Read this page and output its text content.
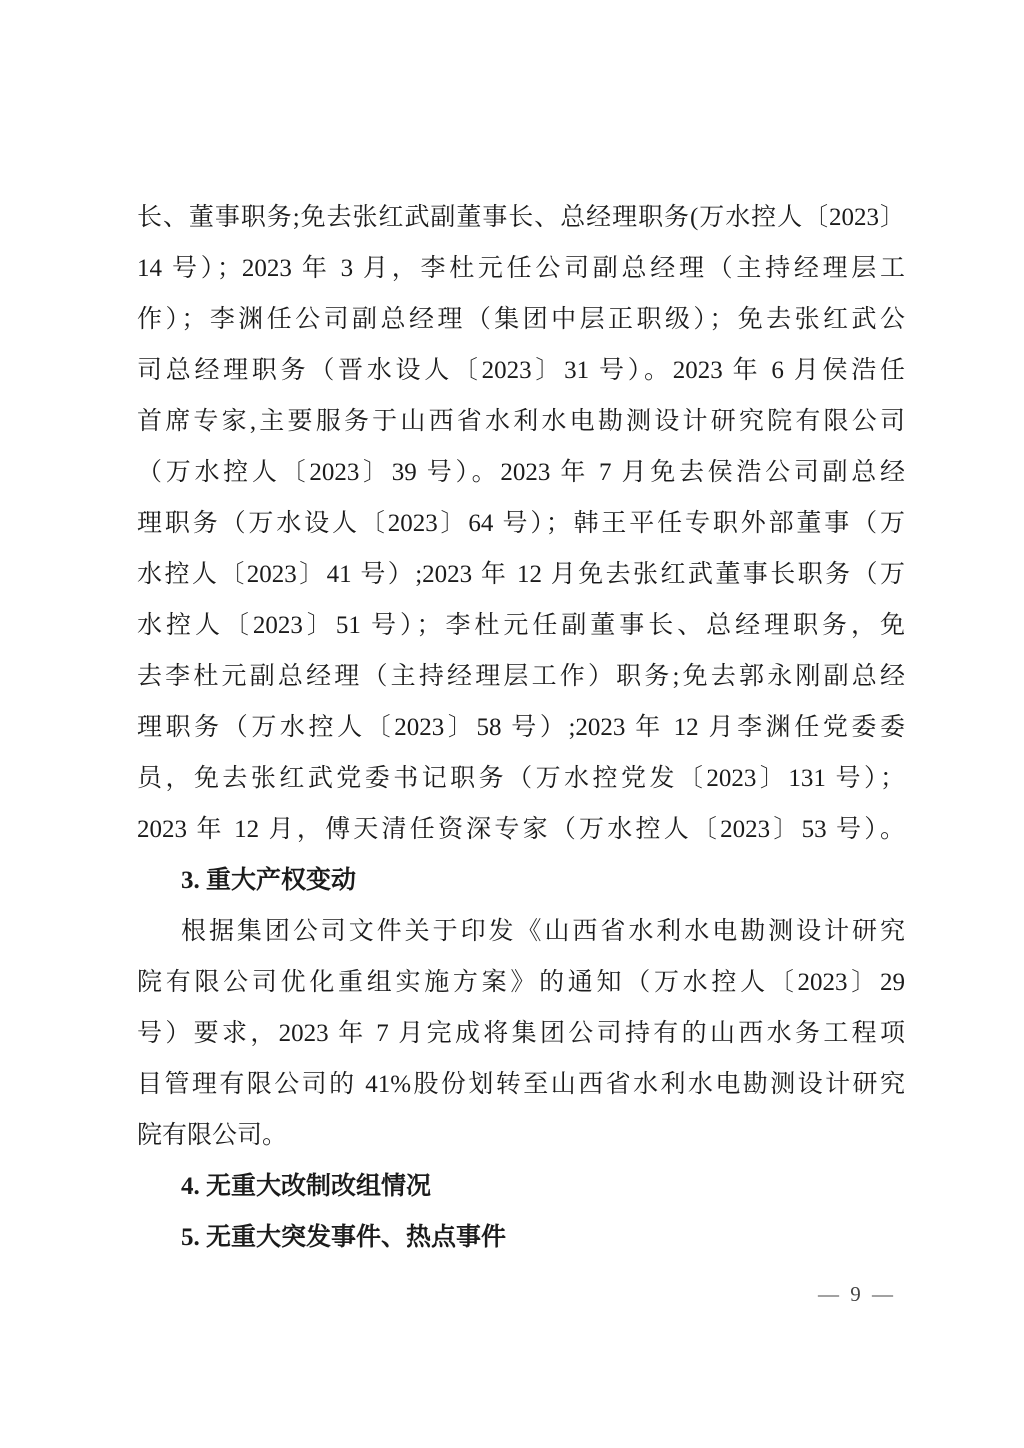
长、董事职务;免去张红武副董事长、总经理职务(万水控人〔2023〕
14 号）；2023 年 3 月，李杜元任公司副总经理（主持经理层工
作）；李渊任公司副总经理（集团中层正职级）；免去张红武公
司总经理职务（晋水设人〔2023〕31 号）。2023 年 6 月侯浩任
首席专家,主要服务于山西省水利水电勘测设计研究院有限公司
（万水控人〔2023〕39 号）。2023 年 7 月免去侯浩公司副总经
理职务（万水设人〔2023〕64 号）；韩王平任专职外部董事（万
水控人〔2023〕41 号）;2023 年 12 月免去张红武董事长职务（万
水控人〔2023〕51 号）；李杜元任副董事长、总经理职务，免
去李杜元副总经理（主持经理层工作）职务;免去郭永刚副总经
理职务（万水控人〔2023〕58 号）;2023 年 12 月李渊任党委委
员，免去张红武党委书记职务（万水控党发〔2023〕131 号）；
2023 年 12 月，傅天清任资深专家（万水控人〔2023〕53 号）。
3. 重大产权变动
根据集团公司文件关于印发《山西省水利水电勘测设计研究
院有限公司优化重组实施方案》的通知（万水控人〔2023〕29
号）要求，2023 年 7 月完成将集团公司持有的山西水务工程项
目管理有限公司的 41%股份划转至山西省水利水电勘测设计研究
院有限公司。
4. 无重大改制改组情况
5. 无重大突发事件、热点事件
— 9 —
